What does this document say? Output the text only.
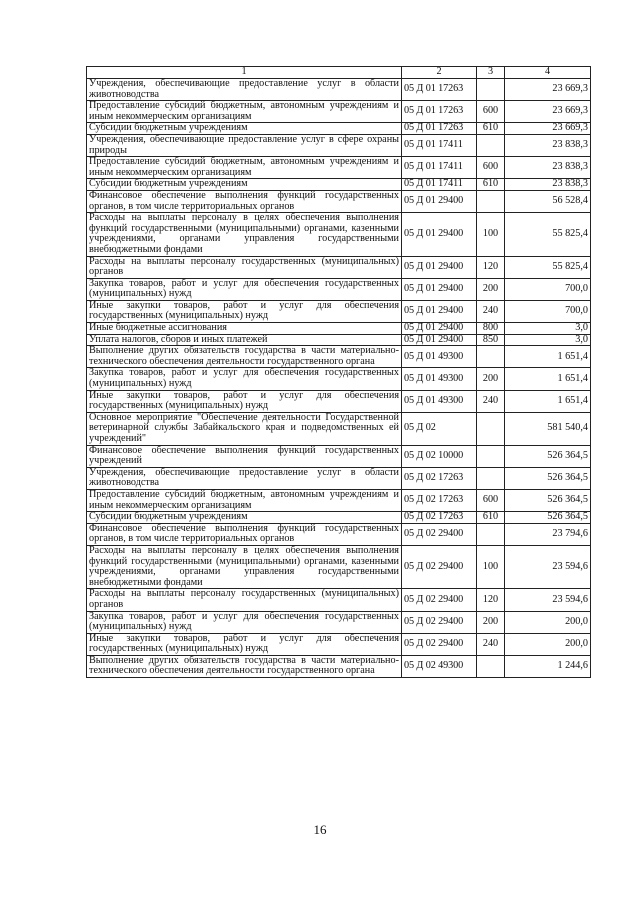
1	2	3	4
Учреждения, обеспечивающие предоставление услуг в области животноводства	05 Д 01 17263		23 669,3
Предоставление субсидий бюджетным, автономным учреждениям и иным некоммерческим организациям	05 Д 01 17263	600	23 669,3
Субсидии бюджетным учреждениям	05 Д 01 17263	610	23 669,3
Учреждения, обеспечивающие предоставление услуг в сфере охраны природы	05 Д 01 17411		23 838,3
Предоставление субсидий бюджетным, автономным учреждениям и иным некоммерческим организациям	05 Д 01 17411	600	23 838,3
Субсидии бюджетным учреждениям	05 Д 01 17411	610	23 838,3
Финансовое обеспечение выполнения функций государственных органов, в том числе территориальных органов	05 Д 01 29400		56 528,4
Расходы на выплаты персоналу в целях обеспечения выполнения функций государственными (муниципальными) органами, казенными учреждениями, органами управления государственными внебюджетными фондами	05 Д 01 29400	100	55 825,4
Расходы на выплаты персоналу государственных (муниципальных) органов	05 Д 01 29400	120	55 825,4
Закупка товаров, работ и услуг для обеспечения государственных (муниципальных) нужд	05 Д 01 29400	200	700,0
Иные закупки товаров, работ и услуг для обеспечения государственных (муниципальных) нужд	05 Д 01 29400	240	700,0
Иные бюджетные ассигнования	05 Д 01 29400	800	3,0
Уплата налогов, сборов и иных платежей	05 Д 01 29400	850	3,0
Выполнение других обязательств государства в части материально-технического обеспечения деятельности государственного органа	05 Д 01 49300		1 651,4
Закупка товаров, работ и услуг для обеспечения государственных (муниципальных) нужд	05 Д 01 49300	200	1 651,4
Иные закупки товаров, работ и услуг для обеспечения государственных (муниципальных) нужд	05 Д 01 49300	240	1 651,4
Основное мероприятие "Обеспечение деятельности Государственной ветеринарной службы Забайкальского края и подведомственных ей учреждений"	05 Д 02		581 540,4
Финансовое обеспечение выполнения функций государственных учреждений	05 Д 02 10000		526 364,5
Учреждения, обеспечивающие предоставление услуг в области животноводства	05 Д 02 17263		526 364,5
Предоставление субсидий бюджетным, автономным учреждениям и иным некоммерческим организациям	05 Д 02 17263	600	526 364,5
Субсидии бюджетным учреждениям	05 Д 02 17263	610	526 364,5
Финансовое обеспечение выполнения функций государственных органов, в том числе территориальных органов	05 Д 02 29400		23 794,6
Расходы на выплаты персоналу в целях обеспечения выполнения функций государственными (муниципальными) органами, казенными учреждениями, органами управления государственными внебюджетными фондами	05 Д 02 29400	100	23 594,6
Расходы на выплаты персоналу государственных (муниципальных) органов	05 Д 02 29400	120	23 594,6
Закупка товаров, работ и услуг для обеспечения государственных (муниципальных) нужд	05 Д 02 29400	200	200,0
Иные закупки товаров, работ и услуг для обеспечения государственных (муниципальных) нужд	05 Д 02 29400	240	200,0
Выполнение других обязательств государства в части материально-технического обеспечения деятельности государственного органа	05 Д 02 49300		1 244,6
16
